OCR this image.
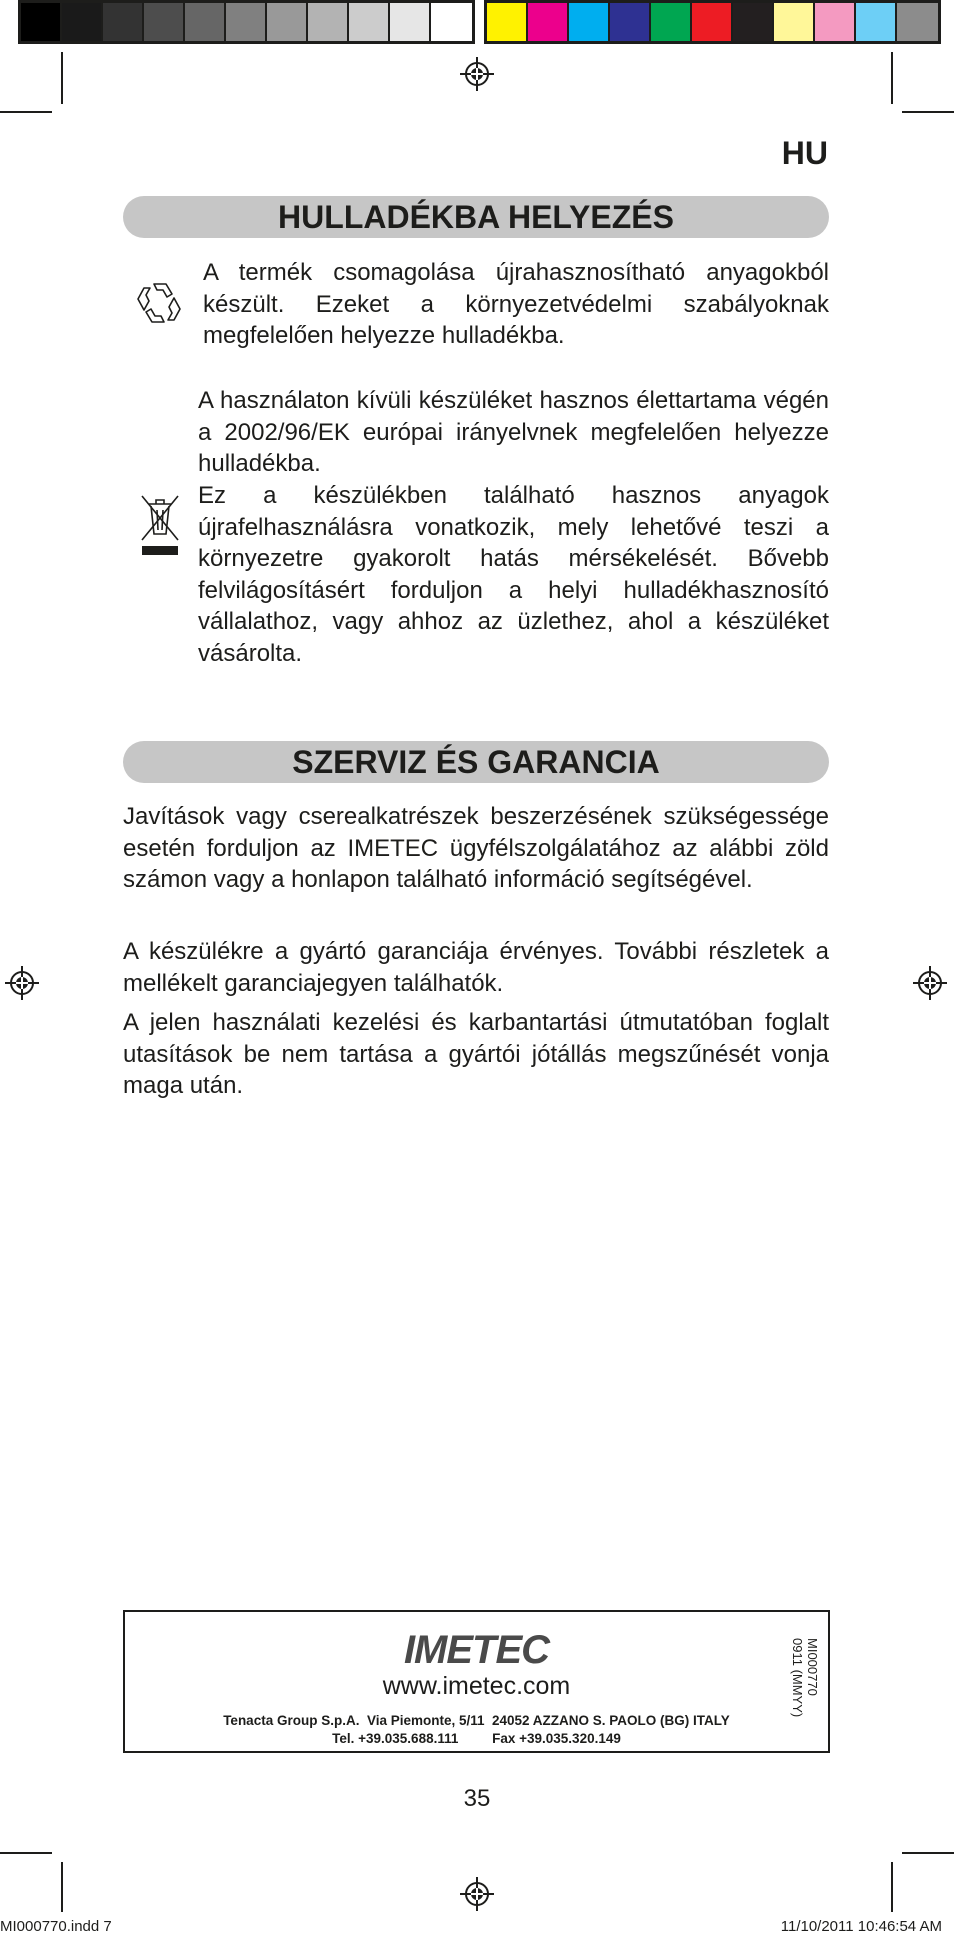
HU
HULLADÉKBA HELYEZÉS
A termék csomagolása újrahasznosítható anyagokból készült. Ezeket a környezetvédelmi szabályoknak megfelelően helyezze hulladékba.
A használaton kívüli készüléket hasznos élettartama végén a 2002/96/EK európai irányelvnek megfelelően helyezze hulladékba.
Ez a készülékben található hasznos anyagok újrafelhasználásra vonatkozik, mely lehetővé teszi a környezetre gyakorolt hatás mérsékelését. Bővebb felvilágosításért forduljon a helyi hulladékhasznosító vállalathoz, vagy ahhoz az üzlethez, ahol a készüléket vásárolta.
SZERVIZ ÉS GARANCIA
Javítások vagy cserealkatrészek beszerzésének szükségessége esetén forduljon az IMETEC ügyfélszolgálatához az alábbi zöld számon vagy a honlapon található információ segítségével.
A készülékre a gyártó garanciája érvényes. További részletek a mellékelt garanciajegyen találhatók.
A jelen használati kezelési és karbantartási útmutatóban foglalt utasítások be nem tartása a gyártói jótállás megszűnését vonja maga után.
IMETEC
www.imetec.com
Tenacta Group S.p.A.  Via Piemonte, 5/11  24052 AZZANO S. PAOLO (BG) ITALY
Tel. +39.035.688.111         Fax +39.035.320.149
MI000770
0911 (MMYY)
35
MI000770.indd 7	11/10/2011 10:46:54 AM
